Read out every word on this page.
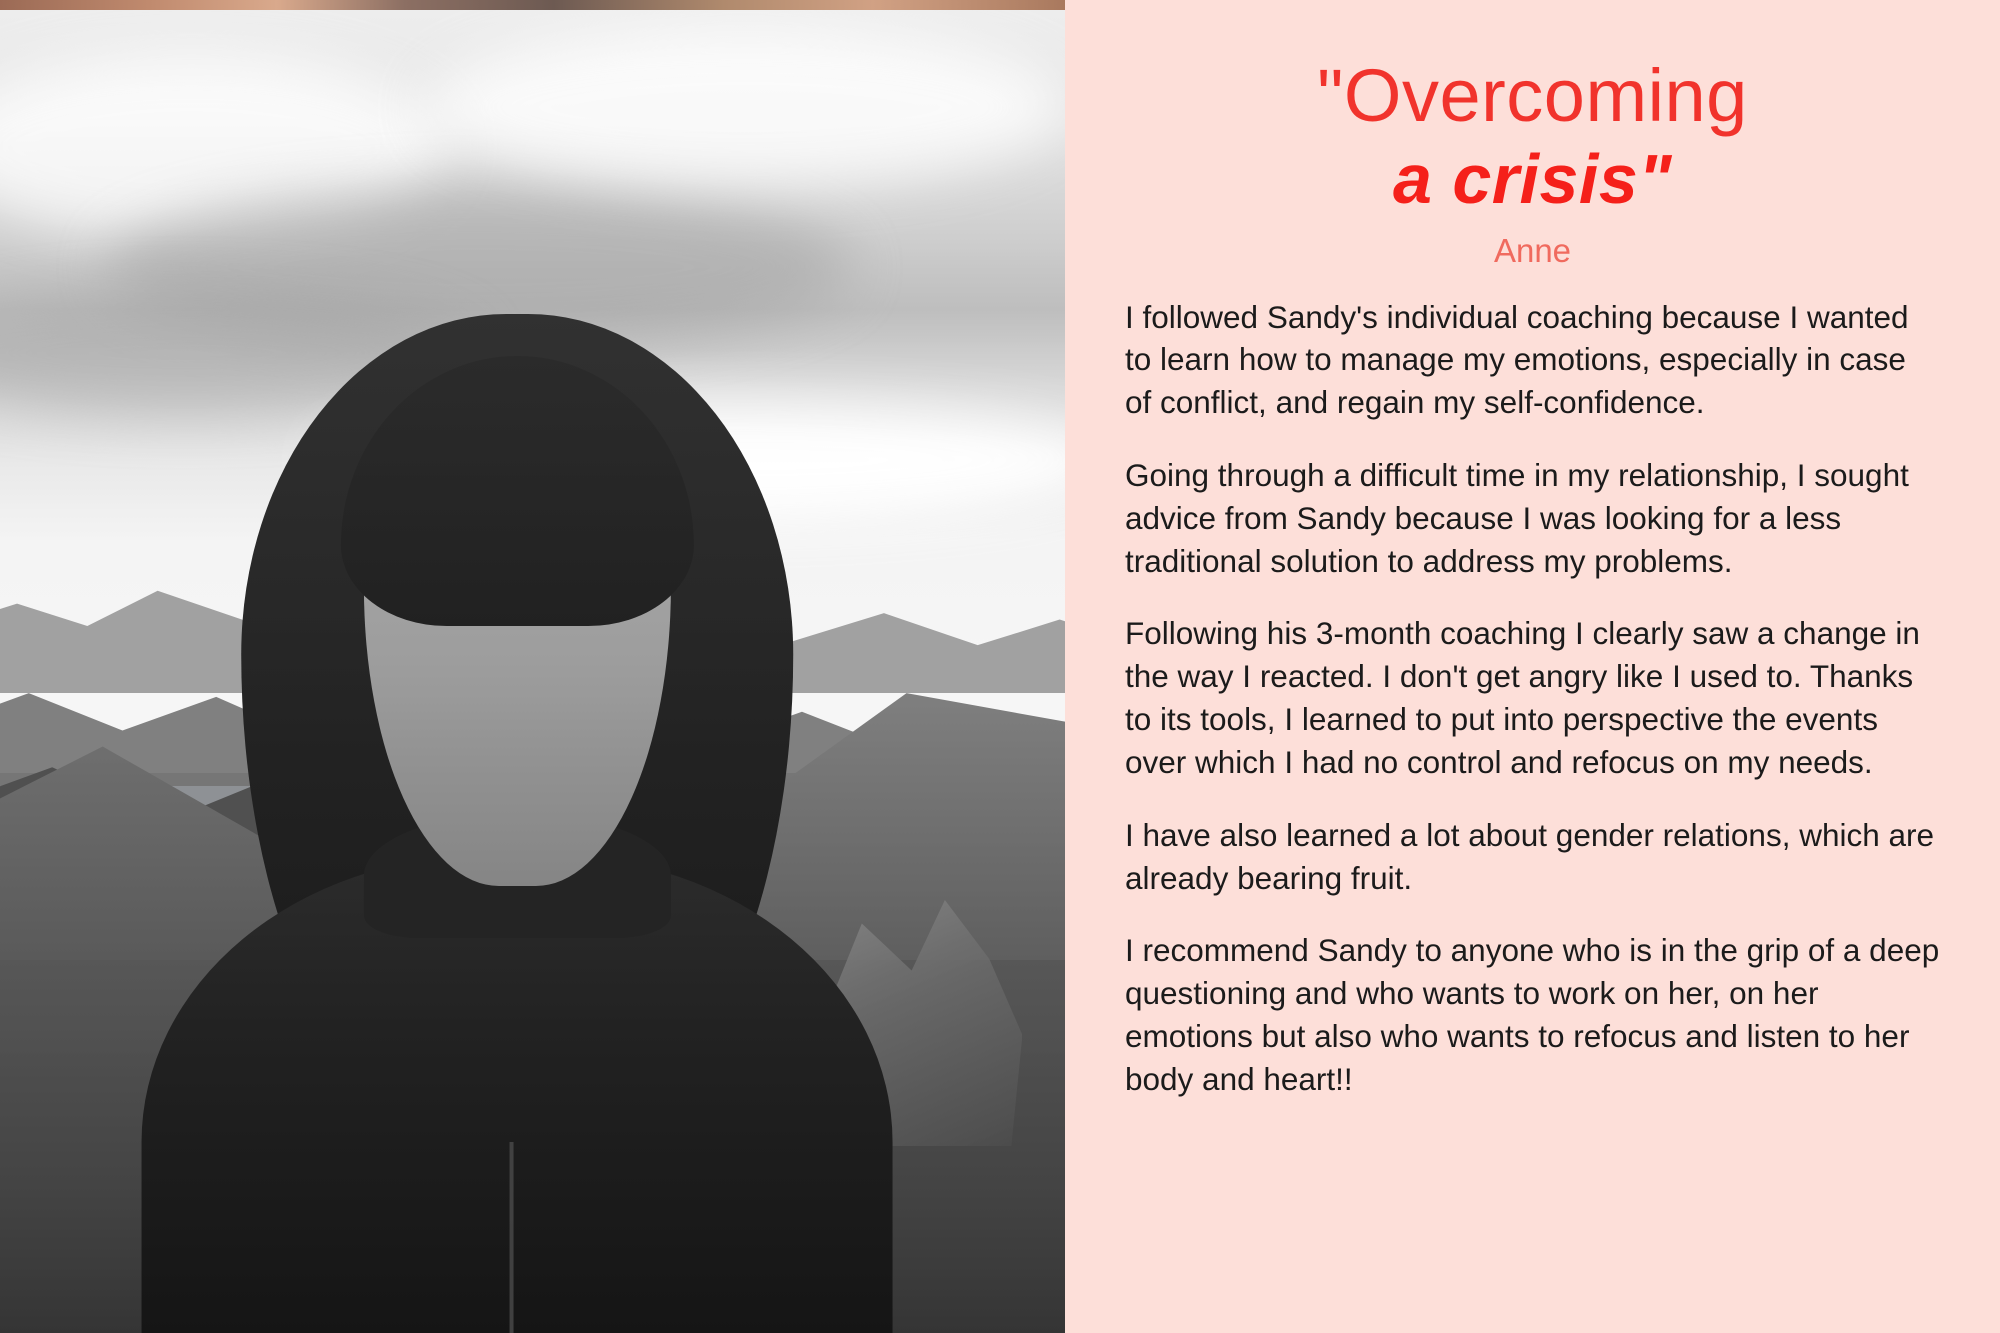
"Overcoming
a crisis"
Anne

I followed Sandy's individual coaching because I wanted to learn how to manage my emotions, especially in case of conflict, and regain my self-confidence.

Going through a difficult time in my relationship, I sought advice from Sandy because I was looking for a less traditional solution to address my problems.

Following his 3-month coaching I clearly saw a change in the way I reacted. I don't get angry like I used to. Thanks to its tools, I learned to put into perspective the events over which I had no control and refocus on my needs.

I have also learned a lot about gender relations, which are already bearing fruit.

I recommend Sandy to anyone who is in the grip of a deep questioning and who wants to work on her, on her emotions but also who wants to refocus and listen to her body and heart!!
